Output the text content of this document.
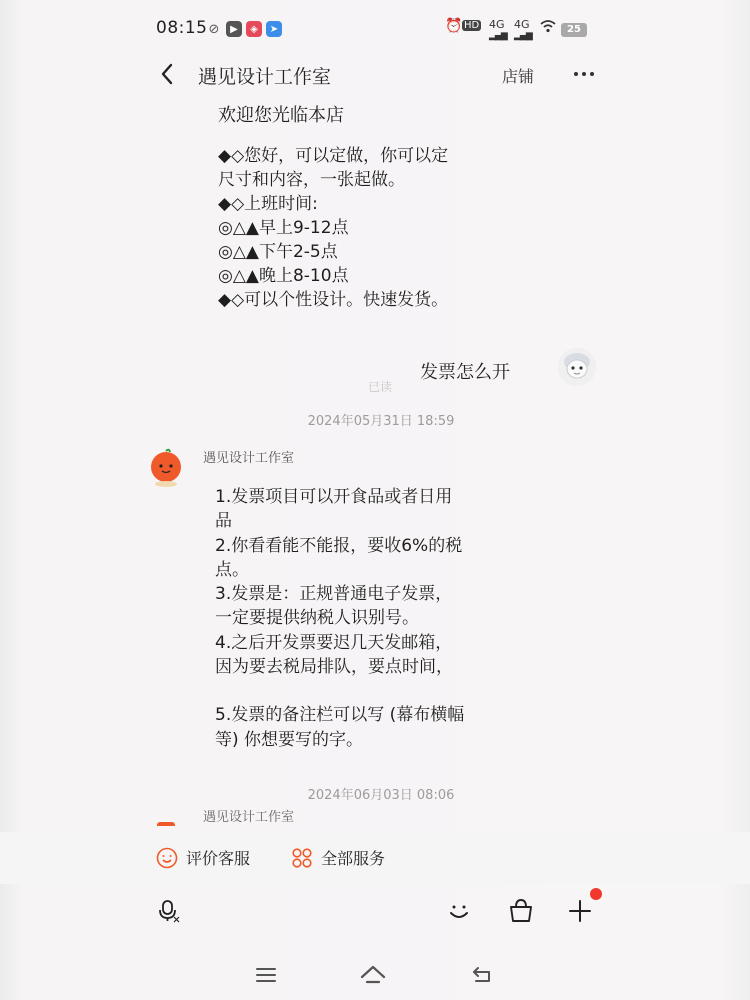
08:15 ⊘	▶	◈	➤	⏰ HD 4G
▂▄▆
4G
▂▄▆
25
遇见设计工作室	店铺
欢迎您光临本店
◆◇您好，可以定做，你可以定
尺寸和内容，一张起做。
◆◇上班时间:
◎△▲早上9-12点
◎△▲下午2-5点
◎△▲晚上8-10点
◆◇可以个性设计。快速发货。
发票怎么开
已读
2024年05月31日 18:59
遇见设计工作室
1.发票项目可以开食品或者日用
品
2.你看看能不能报，要收6%的税
点。
3.发票是：正规普通电子发票，
一定要提供纳税人识别号。
4.之后开发票要迟几天发邮箱，
因为要去税局排队，要点时间，
5.发票的备注栏可以写 (幕布横幅
等) 你想要写的字。
2024年06月03日 08:06
遇见设计工作室
评价客服	全部服务
